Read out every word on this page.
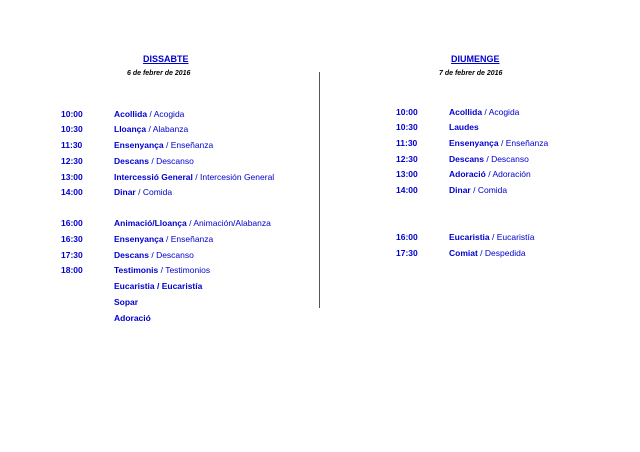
DISSABTE
6 de febrer de 2016
10:00	Acollida / Acogida
10:30	Lloança / Alabanza
11:30	Ensenyança / Enseñanza
12:30	Descans / Descanso
13:00	Intercessió General / Intercesión General
14:00	Dinar / Comida
16:00	Animació/Lloança / Animación/Alabanza
16:30	Ensenyança / Enseñanza
17:30	Descans / Descanso
18:00	Testimonis / Testimonios
Eucaristia / Eucaristía
Sopar
Adoració
DIUMENGE
7 de febrer de 2016
10:00	Acollida / Acogida
10:30	Laudes
11:30	Ensenyança / Enseñanza
12:30	Descans / Descanso
13:00	Adoració / Adoración
14:00	Dinar / Comida
16:00	Eucaristia / Eucaristía
17:30	Comiat / Despedida
